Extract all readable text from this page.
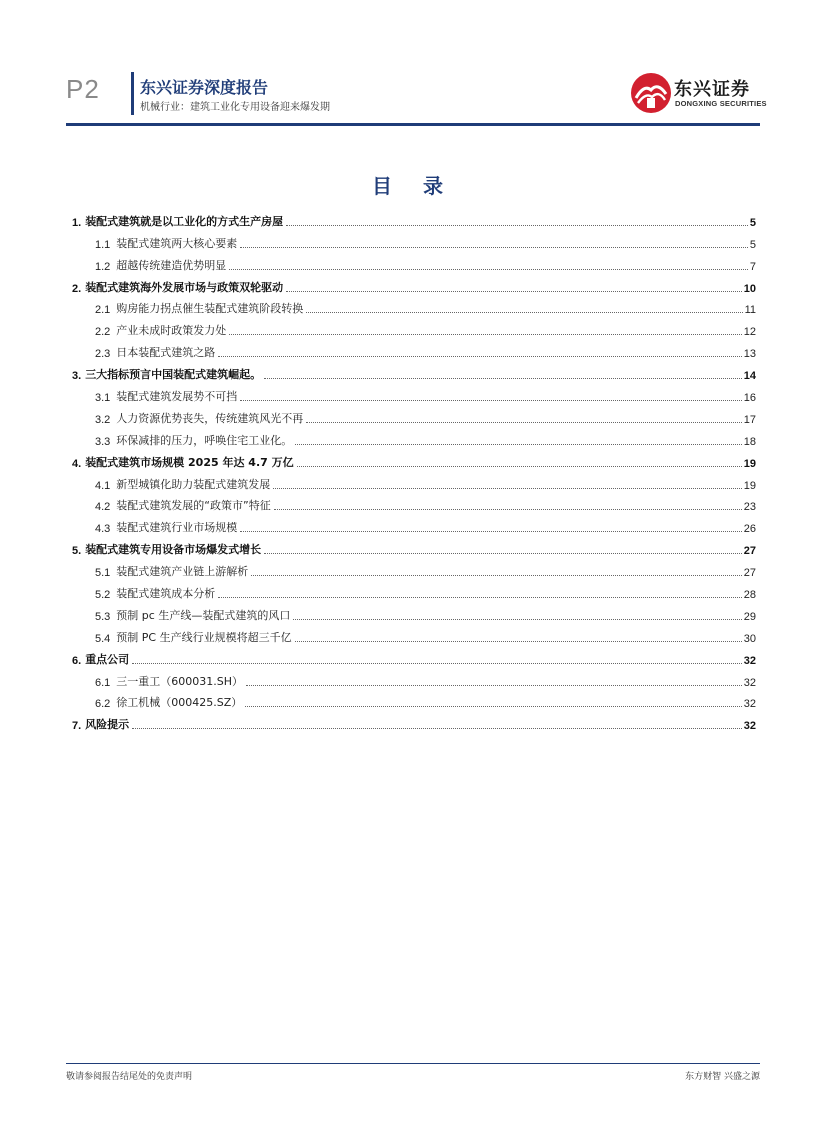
P2	东兴证券深度报告
机械行业：建筑工业化专用设备迎来爆发期
东兴证券
DONGXING SECURITIES
目 录
1. 装配式建筑就是以工业化的方式生产房屋	5
1.1 装配式建筑两大核心要素	5
1.2 超越传统建造优势明显	7
2. 装配式建筑海外发展市场与政策双轮驱动	10
2.1 购房能力拐点催生装配式建筑阶段转换	11
2.2 产业未成时政策发力处	12
2.3 日本装配式建筑之路	13
3. 三大指标预言中国装配式建筑崛起。	14
3.1 装配式建筑发展势不可挡	16
3.2 人力资源优势丧失，传统建筑风光不再	17
3.3 环保减排的压力，呼唤住宅工业化。	18
4. 装配式建筑市场规模 2025 年达 4.7 万亿	19
4.1 新型城镇化助力装配式建筑发展	19
4.2 装配式建筑发展的“政策市”特征	23
4.3 装配式建筑行业市场规模	26
5. 装配式建筑专用设备市场爆发式增长	27
5.1 装配式建筑产业链上游解析	27
5.2 装配式建筑成本分析	28
5.3 预制 pc 生产线—装配式建筑的风口	29
5.4 预制 PC 生产线行业规模将超三千亿	30
6. 重点公司	32
6.1 三一重工（600031.SH）	32
6.2 徐工机械（000425.SZ）	32
7. 风险提示	32
敬请参阅报告结尾处的免责声明	东方财智 兴盛之源
